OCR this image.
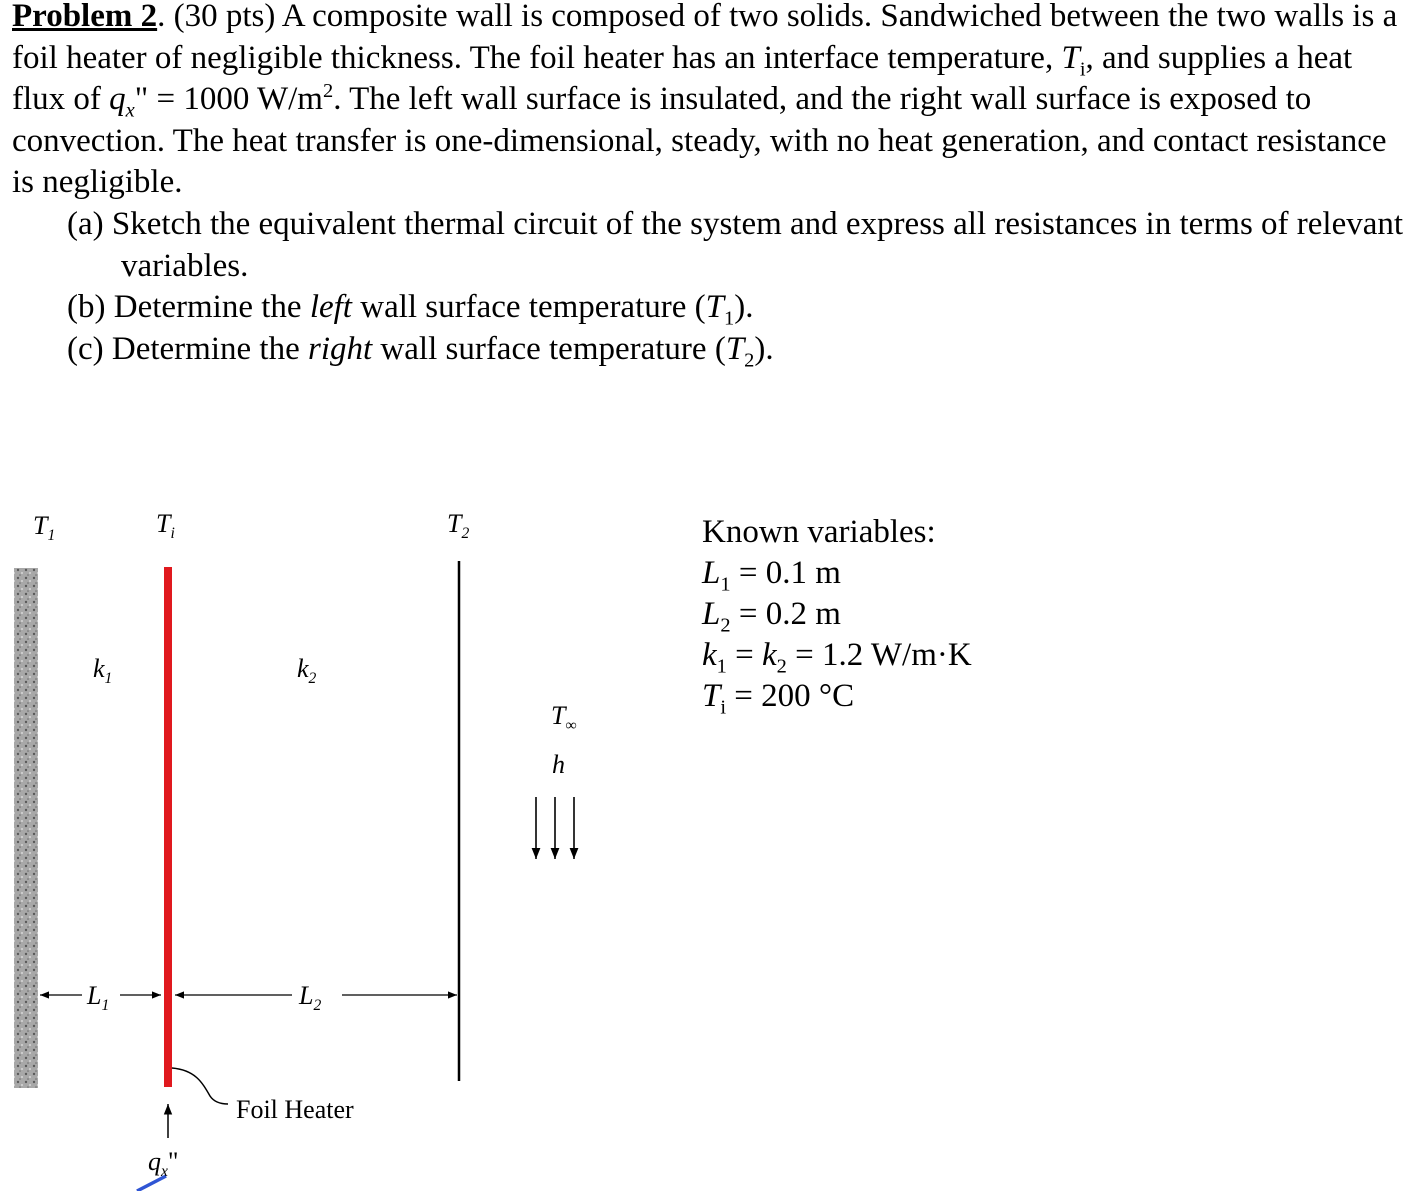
Problem 2. (30 pts) A composite wall is composed of two solids. Sandwiched between the two walls is a foil heater of negligible thickness. The foil heater has an interface temperature, $T_i$, and supplies a heat flux of $q_x$" = 1000 $W/m^2$. The left wall surface is insulated, and the right wall surface is exposed to convection. The heat transfer is one-dimensional, steady, with no heat generation, and contact resistance is negligible.

(a) Sketch the equivalent thermal circuit of the system and express all resistances in terms of relevant variables.
(b) Determine the left wall surface temperature $(T_1)$.
(c) Determine the right wall surface temperature $(T_2)$.
$T_1$	$T_i$	$T_2$
$k_1$	$k_2$
$L_1$	$L_2$
$T_\infty$
h
$q_x$"
Foil Heater
Known variables:
$L_1 = 0.1$ m
$L_2 = 0.2$ m
$k_1 = k_2 = 1.2$ W/m·K
$T_i = 200$ °C
